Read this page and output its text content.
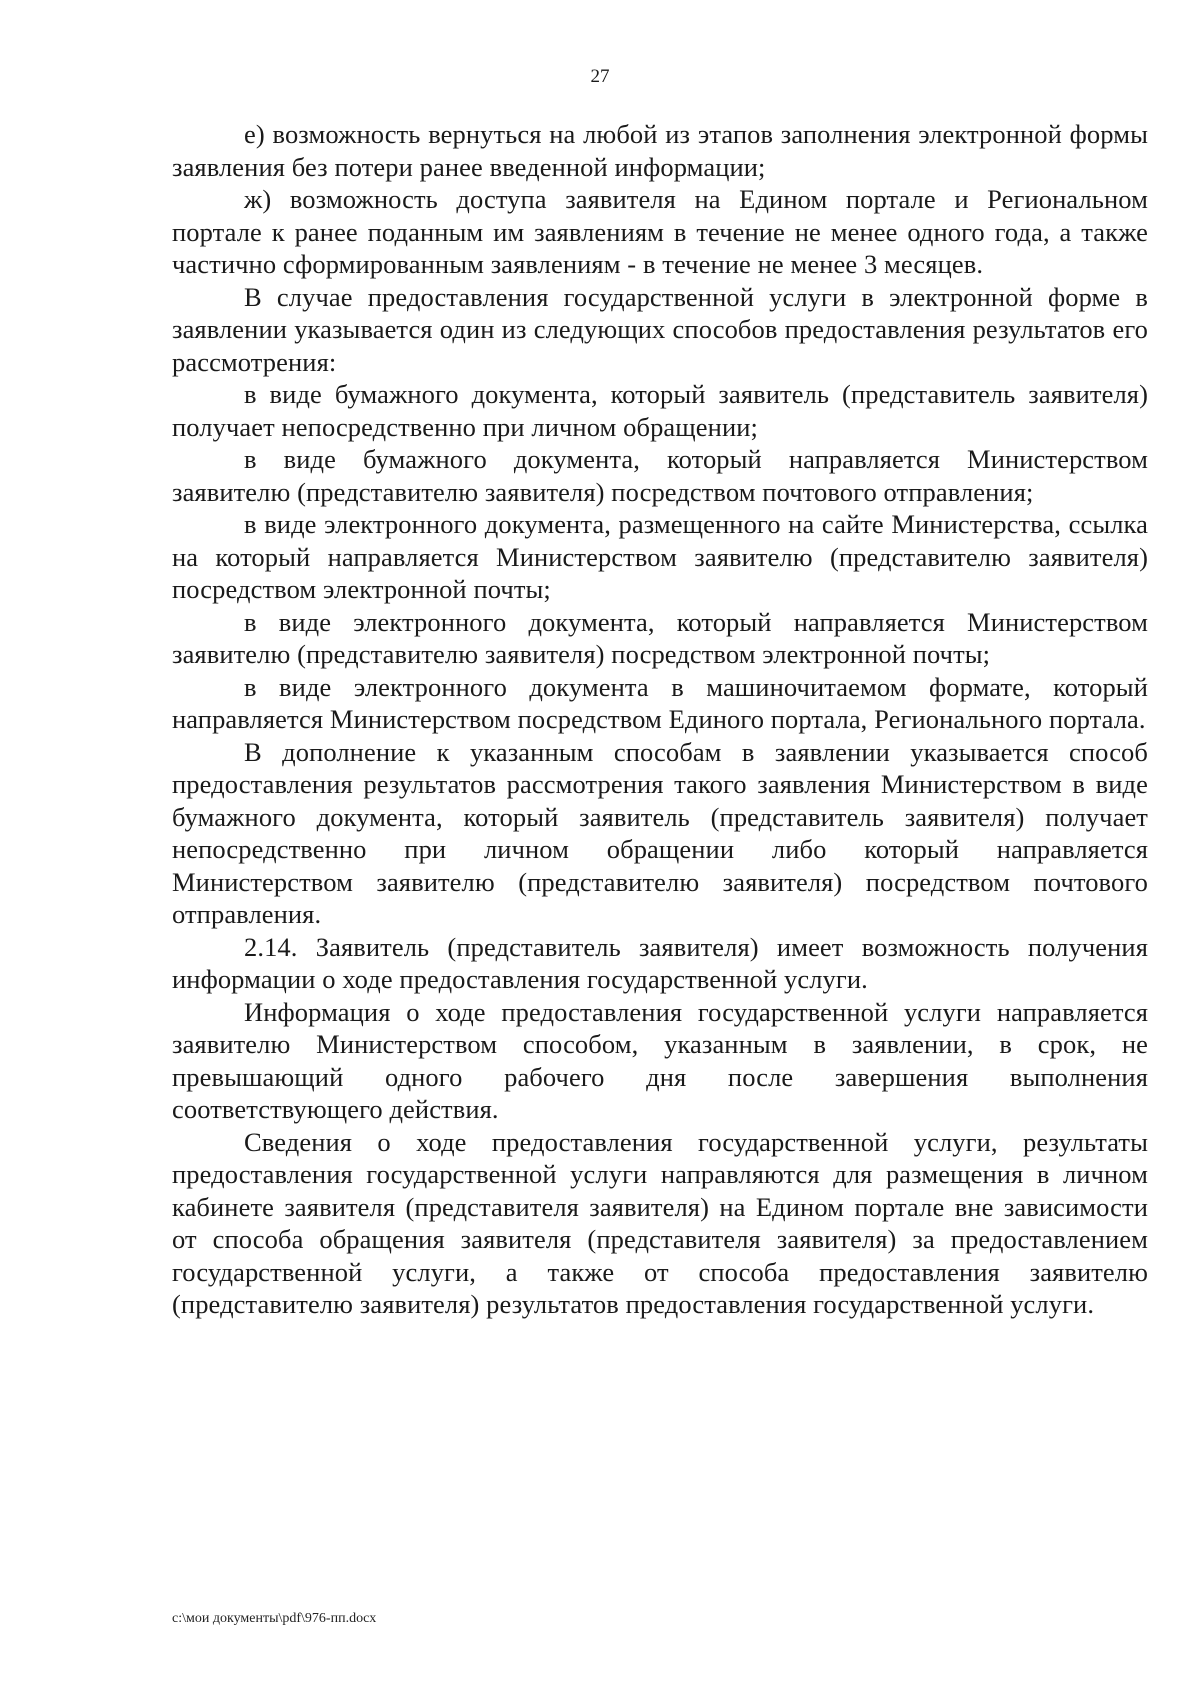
27

е) возможность вернуться на любой из этапов заполнения электронной формы заявления без потери ранее введенной информации;

ж) возможность доступа заявителя на Едином портале и Региональном портале к ранее поданным им заявлениям в течение не менее одного года, а также частично сформированным заявлениям - в течение не менее 3 месяцев.

В случае предоставления государственной услуги в электронной форме в заявлении указывается один из следующих способов предоставления результатов его рассмотрения:

в виде бумажного документа, который заявитель (представитель заявителя) получает непосредственно при личном обращении;

в виде бумажного документа, который направляется Министерством заявителю (представителю заявителя) посредством почтового отправления;

в виде электронного документа, размещенного на сайте Министерства, ссылка на который направляется Министерством заявителю (представителю заявителя) посредством электронной почты;

в виде электронного документа, который направляется Министерством заявителю (представителю заявителя) посредством электронной почты;

в виде электронного документа в машиночитаемом формате, который направляется Министерством посредством Единого портала, Регионального портала.

В дополнение к указанным способам в заявлении указывается способ предоставления результатов рассмотрения такого заявления Министерством в виде бумажного документа, который заявитель (представитель заявителя) получает непосредственно при личном обращении либо который направляется Министерством заявителю (представителю заявителя) посредством почтового отправления.

2.14. Заявитель (представитель заявителя) имеет возможность получения информации о ходе предоставления государственной услуги.

Информация о ходе предоставления государственной услуги направляется заявителю Министерством способом, указанным в заявлении, в срок, не превышающий одного рабочего дня после завершения выполнения соответствующего действия.

Сведения о ходе предоставления государственной услуги, результаты предоставления государственной услуги направляются для размещения в личном кабинете заявителя (представителя заявителя) на Едином портале вне зависимости от способа обращения заявителя (представителя заявителя) за предоставлением государственной услуги, а также от способа предоставления заявителю (представителю заявителя) результатов предоставления государственной услуги.

c:\мои документы\pdf\976-пп.docx
